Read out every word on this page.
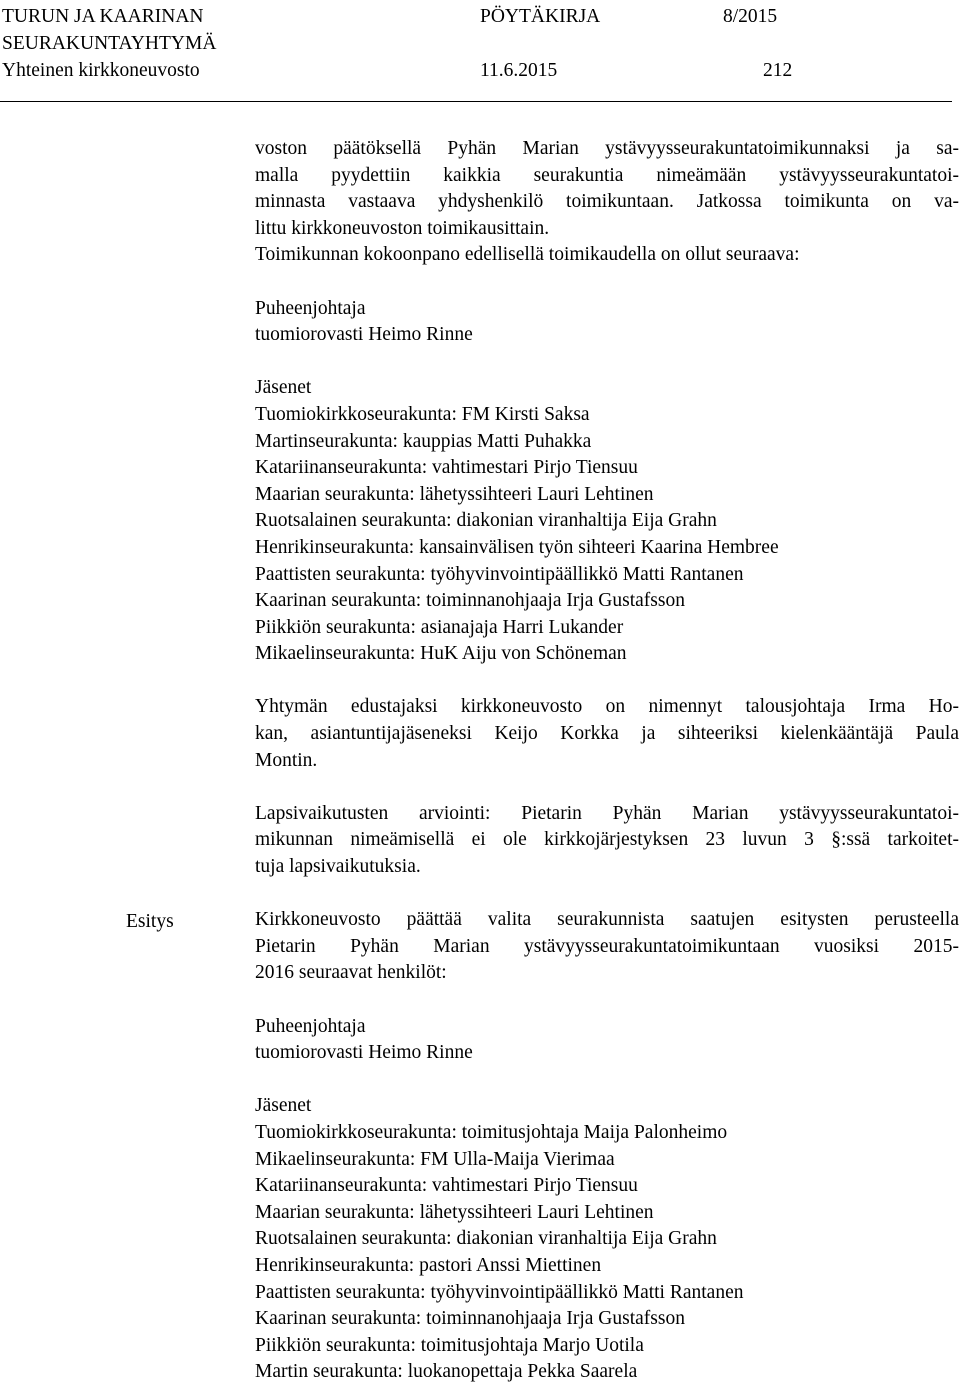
TURUN JA KAARINAN
SEURAKUNTAYHTYMÄ
Yhteinen kirkkoneuvosto
PÖYTÄKIRJA	8/2015
11.6.2015	212
voston päätöksellä Pyhän Marian ystävyysseurakuntatoimikunnaksi ja sa-
malla pyydettiin kaikkia seurakuntia nimeämään ystävyysseurakuntatoi-
minnasta vastaava yhdyshenkilö toimikuntaan. Jatkossa toimikunta on va-
littu kirkkoneuvoston toimikausittain.
Toimikunnan kokoonpano edellisellä toimikaudella on ollut seuraava:
Puheenjohtaja
tuomiorovasti Heimo Rinne
Jäsenet
Tuomiokirkkoseurakunta: FM Kirsti Saksa
Martinseurakunta: kauppias Matti Puhakka
Katariinanseurakunta: vahtimestari Pirjo Tiensuu
Maarian seurakunta: lähetyssihteeri Lauri Lehtinen
Ruotsalainen seurakunta: diakonian viranhaltija Eija Grahn
Henrikinseurakunta: kansainvälisen työn sihteeri Kaarina Hembree
Paattisten seurakunta: työhyvinvointipäällikkö Matti Rantanen
Kaarinan seurakunta: toiminnanohjaaja Irja Gustafsson
Piikkiön seurakunta: asianajaja Harri Lukander
Mikaelinseurakunta: HuK Aiju von Schöneman
Yhtymän edustajaksi kirkkoneuvosto on nimennyt talousjohtaja Irma Ho-
kan, asiantuntijajäseneksi Keijo Korkka ja sihteeriksi kielenkääntäjä Paula
Montin.
Lapsivaikutusten arviointi: Pietarin Pyhän Marian ystävyysseurakuntatoi-
mikunnan nimeämisellä ei ole kirkkojärjestyksen 23 luvun 3 §:ssä tarkoitet-
tuja lapsivaikutuksia.
Kirkkoneuvosto päättää valita seurakunnista saatujen esitysten perusteella
Pietarin Pyhän Marian ystävyysseurakuntatoimikuntaan vuosiksi 2015-
2016 seuraavat henkilöt:
Puheenjohtaja
tuomiorovasti Heimo Rinne
Jäsenet
Tuomiokirkkoseurakunta: toimitusjohtaja Maija Palonheimo
Mikaelinseurakunta: FM Ulla-Maija Vierimaa
Katariinanseurakunta: vahtimestari Pirjo Tiensuu
Maarian seurakunta: lähetyssihteeri Lauri Lehtinen
Ruotsalainen seurakunta: diakonian viranhaltija Eija Grahn
Henrikinseurakunta: pastori Anssi Miettinen
Paattisten seurakunta: työhyvinvointipäällikkö Matti Rantanen
Kaarinan seurakunta: toiminnanohjaaja Irja Gustafsson
Piikkiön seurakunta: toimitusjohtaja Marjo Uotila
Martin seurakunta: luokanopettaja Pekka Saarela
Esitys
